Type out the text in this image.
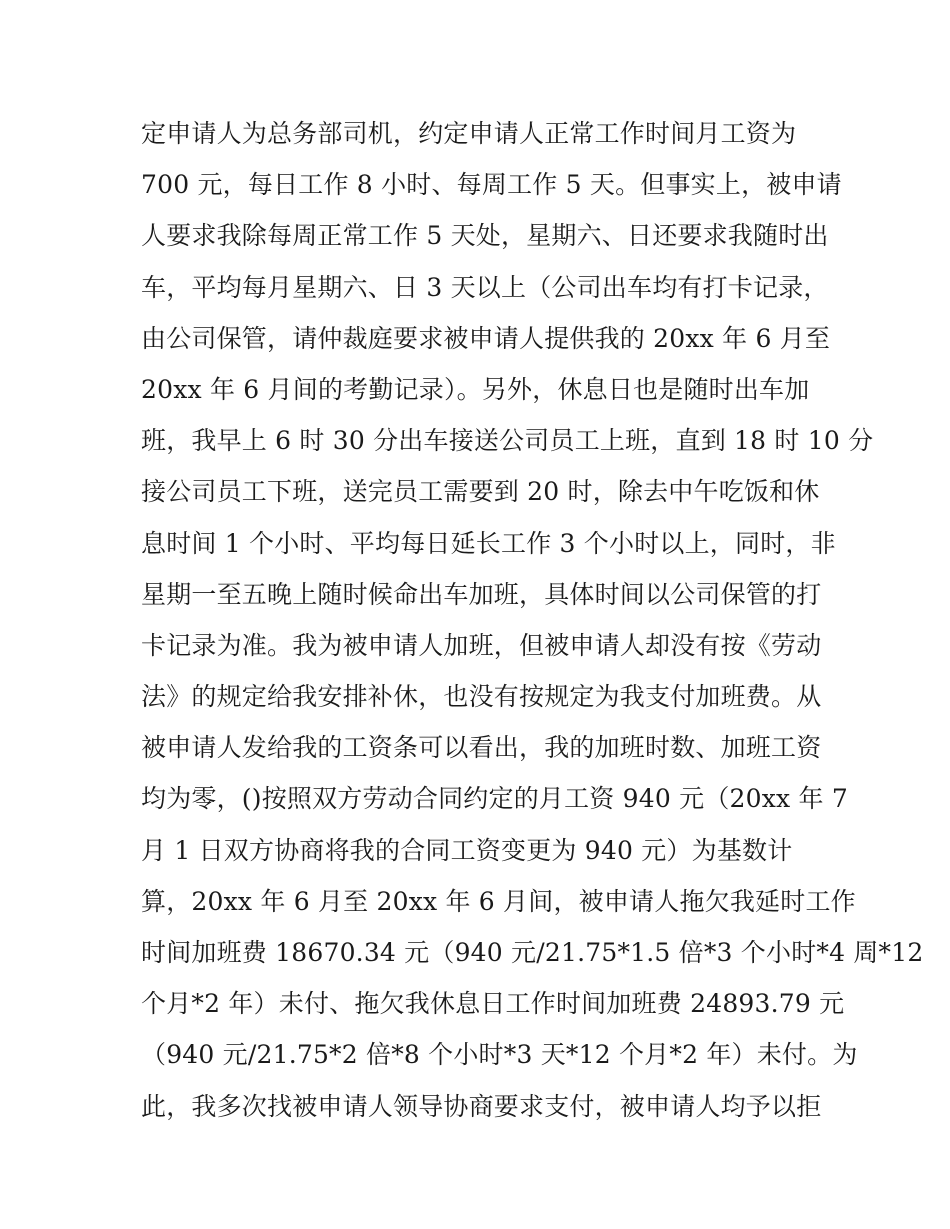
定申请人为总务部司机，约定申请人正常工作时间月工资为
700 元，每日工作 8 小时、每周工作 5 天。但事实上，被申请
人要求我除每周正常工作 5 天处，星期六、日还要求我随时出
车，平均每月星期六、日 3 天以上（公司出车均有打卡记录，
由公司保管，请仲裁庭要求被申请人提供我的 20xx 年 6 月至
20xx 年 6 月间的考勤记录）。另外，休息日也是随时出车加
班，我早上 6 时 30 分出车接送公司员工上班，直到 18 时 10 分
接公司员工下班，送完员工需要到 20 时，除去中午吃饭和休
息时间 1 个小时、平均每日延长工作 3 个小时以上，同时，非
星期一至五晚上随时候命出车加班，具体时间以公司保管的打
卡记录为准。我为被申请人加班，但被申请人却没有按《劳动
法》的规定给我安排补休，也没有按规定为我支付加班费。从
被申请人发给我的工资条可以看出，我的加班时数、加班工资
均为零，()按照双方劳动合同约定的月工资 940 元（20xx 年 7
月 1 日双方协商将我的合同工资变更为 940 元）为基数计
算，20xx 年 6 月至 20xx 年 6 月间，被申请人拖欠我延时工作
时间加班费 18670.34 元（940 元/21.75*1.5 倍*3 个小时*4 周*12
个月*2 年）未付、拖欠我休息日工作时间加班费 24893.79 元
（940 元/21.75*2 倍*8 个小时*3 天*12 个月*2 年）未付。为
此，我多次找被申请人领导协商要求支付，被申请人均予以拒
